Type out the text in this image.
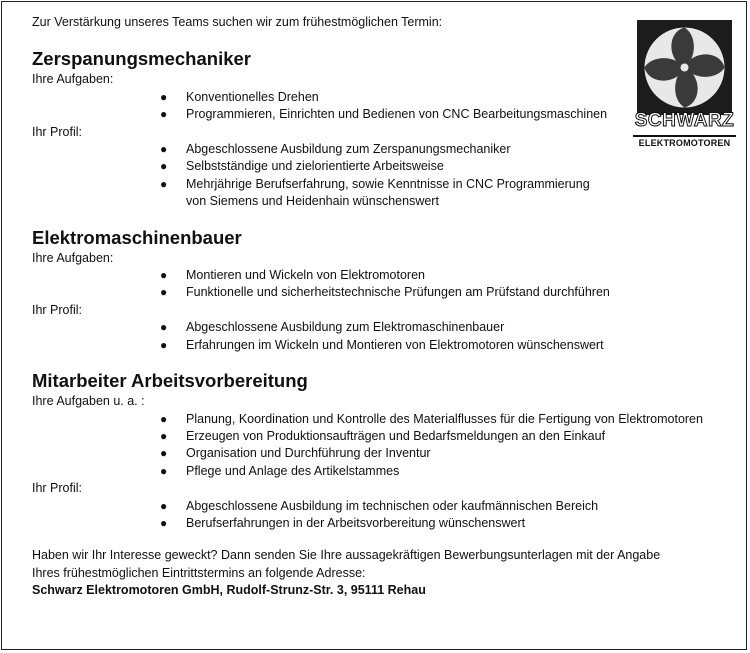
SCHWARZ
ELEKTROMOTOREN

Zur Verstärkung unseres Teams suchen wir zum frühestmöglichen Termin:

Zerspanungsmechaniker

Ihre Aufgaben:

● Konventionelles Drehen
● Programmieren, Einrichten und Bedienen von CNC Bearbeitungsmaschinen

Ihr Profil:

● Abgeschlossene Ausbildung zum Zerspanungsmechaniker
● Selbstständige und zielorientierte Arbeitsweise
● Mehrjährige Berufserfahrung, sowie Kenntnisse in CNC Programmierung
von Siemens und Heidenhain wünschenswert
Elektromaschinenbauer

Ihre Aufgaben:

● Montieren und Wickeln von Elektromotoren
● Funktionelle und sicherheitstechnische Prüfungen am Prüfstand durchführen

Ihr Profil:

● Abgeschlossene Ausbildung zum Elektromaschinenbauer
● Erfahrungen im Wickeln und Montieren von Elektromotoren wünschenswert
Mitarbeiter Arbeitsvorbereitung

Ihre Aufgaben u. a. :

● Planung, Koordination und Kontrolle des Materialflusses für die Fertigung von Elektromotoren
● Erzeugen von Produktionsaufträgen und Bedarfsmeldungen an den Einkauf
● Organisation und Durchführung der Inventur
● Pflege und Anlage des Artikelstammes

Ihr Profil:

● Abgeschlossene Ausbildung im technischen oder kaufmännischen Bereich
● Berufserfahrungen in der Arbeitsvorbereitung wünschenswert

Haben wir Ihr Interesse geweckt? Dann senden Sie Ihre aussagekräftigen Bewerbungsunterlagen mit der Angabe

Ihres frühestmöglichen Eintrittstermins an folgende Adresse:

Schwarz Elektromotoren GmbH, Rudolf-Strunz-Str. 3, 95111 Rehau
